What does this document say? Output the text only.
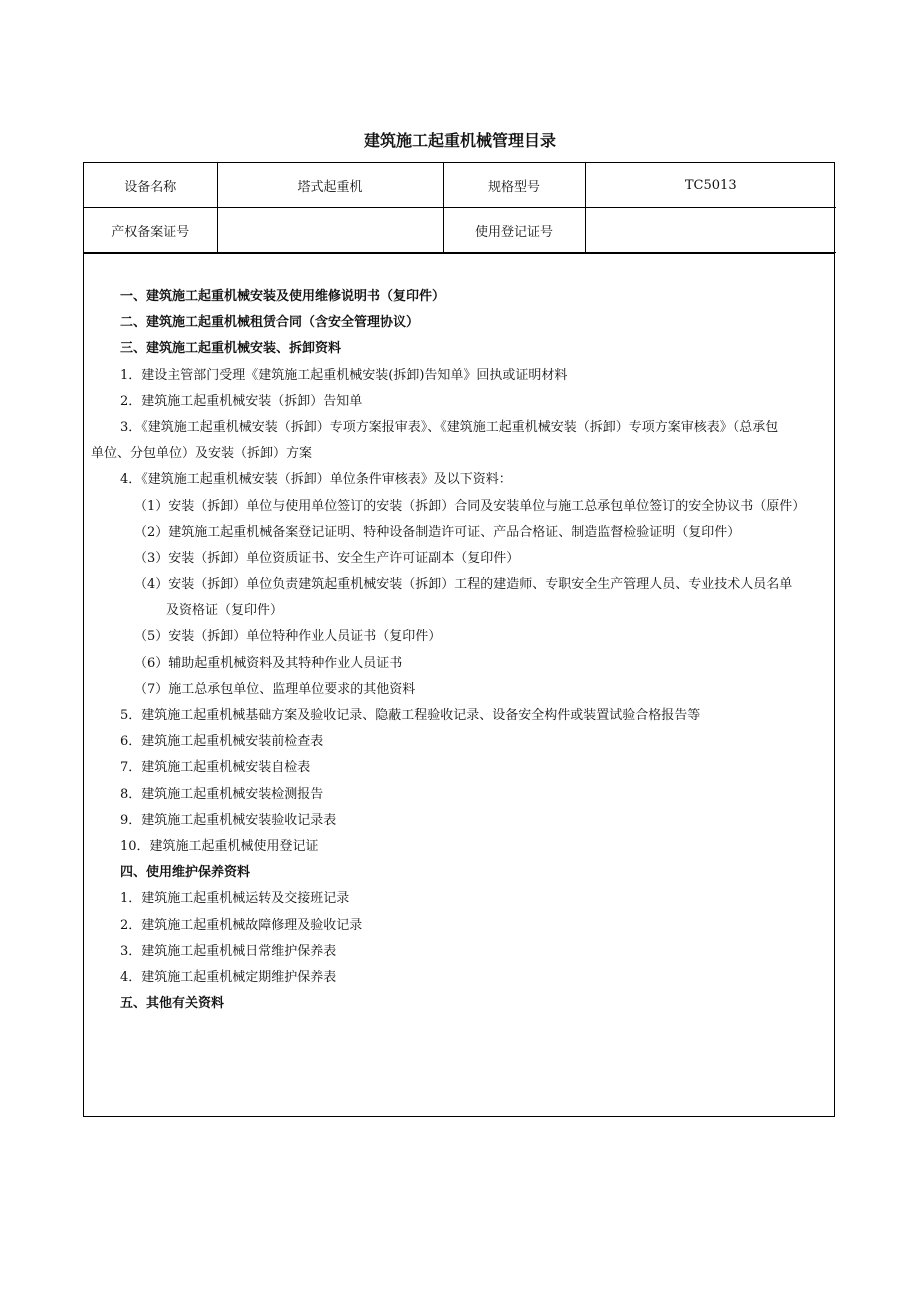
建筑施工起重机械管理目录
设备名称	塔式起重机	规格型号	TC5013
产权备案证号		使用登记证号	
一、建筑施工起重机械安装及使用维修说明书（复印件）
二、建筑施工起重机械租赁合同（含安全管理协议）
三、建筑施工起重机械安装、拆卸资料
1．建设主管部门受理《建筑施工起重机械安装(拆卸)告知单》回执或证明材料
2．建筑施工起重机械安装（拆卸）告知单
3．《建筑施工起重机械安装（拆卸）专项方案报审表》、《建筑施工起重机械安装（拆卸）专项方案审核表》（总承包
单位、分包单位）及安装（拆卸）方案
4．《建筑施工起重机械安装（拆卸）单位条件审核表》及以下资料：
（1）安装（拆卸）单位与使用单位签订的安装（拆卸）合同及安装单位与施工总承包单位签订的安全协议书（原件）
（2）建筑施工起重机械备案登记证明、特种设备制造许可证、产品合格证、制造监督检验证明（复印件）
（3）安装（拆卸）单位资质证书、安全生产许可证副本（复印件）
（4）安装（拆卸）单位负责建筑起重机械安装（拆卸）工程的建造师、专职安全生产管理人员、专业技术人员名单
及资格证（复印件）
（5）安装（拆卸）单位特种作业人员证书（复印件）
（6）辅助起重机械资料及其特种作业人员证书
（7）施工总承包单位、监理单位要求的其他资料
5．建筑施工起重机械基础方案及验收记录、隐蔽工程验收记录、设备安全构件或装置试验合格报告等
6．建筑施工起重机械安装前检查表
7．建筑施工起重机械安装自检表
8．建筑施工起重机械安装检测报告
9．建筑施工起重机械安装验收记录表
10．建筑施工起重机械使用登记证
四、使用维护保养资料
1．建筑施工起重机械运转及交接班记录
2．建筑施工起重机械故障修理及验收记录
3．建筑施工起重机械日常维护保养表
4．建筑施工起重机械定期维护保养表
五、其他有关资料
